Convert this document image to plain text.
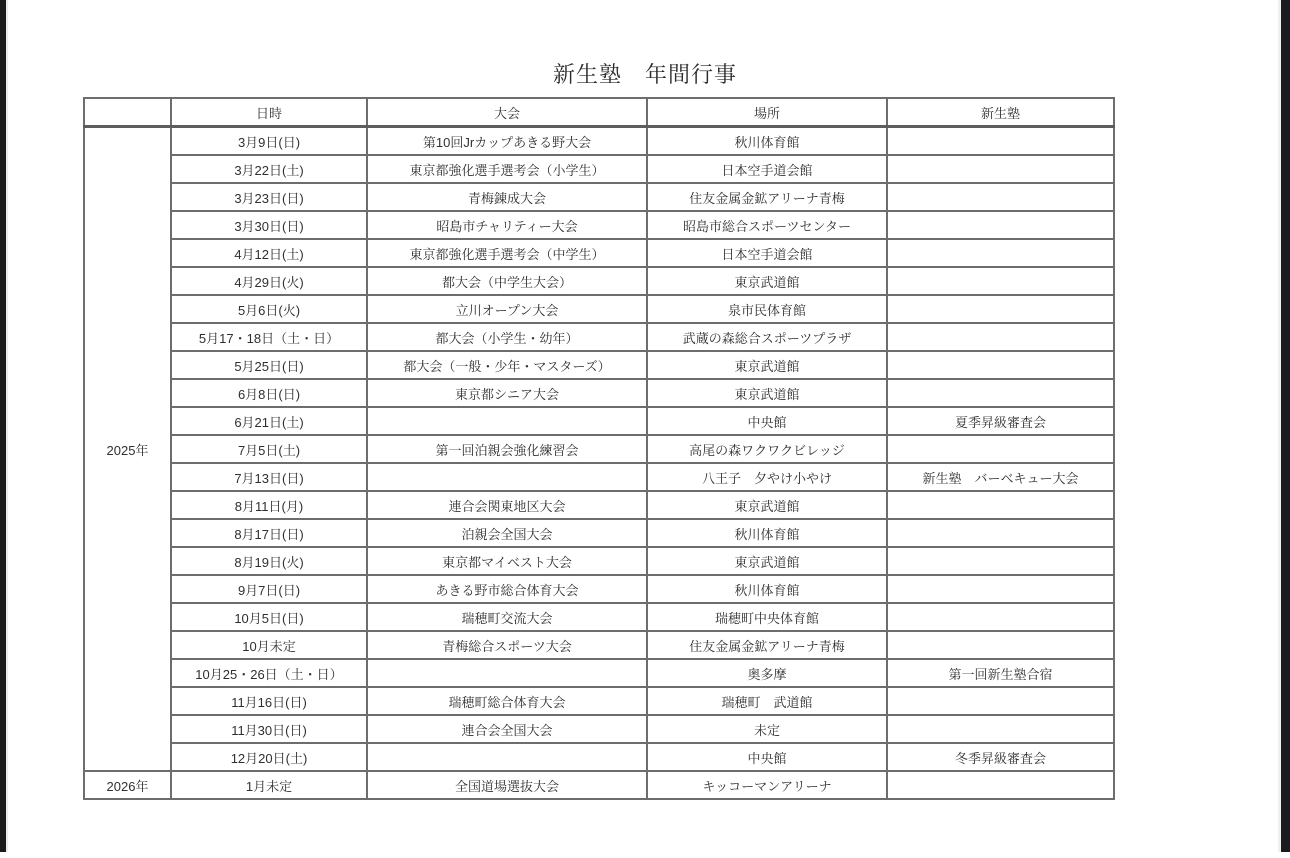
新生塾　年間行事
	日時	大会	場所	新生塾
2025年	3月9日(日)	第10回Jrカップあきる野大会	秋川体育館	
	3月22日(土)	東京都強化選手選考会（小学生）	日本空手道会館	
	3月23日(日)	青梅錬成大会	住友金属金鉱アリーナ青梅	
	3月30日(日)	昭島市チャリティー大会	昭島市総合スポーツセンター	
	4月12日(土)	東京都強化選手選考会（中学生）	日本空手道会館	
	4月29日(火)	都大会（中学生大会）	東京武道館	
	5月6日(火)	立川オープン大会	泉市民体育館	
	5月17・18日（土・日）	都大会（小学生・幼年）	武蔵の森総合スポーツプラザ	
	5月25日(日)	都大会（一般・少年・マスターズ）	東京武道館	
	6月8日(日)	東京都シニア大会	東京武道館	
	6月21日(土)		中央館	夏季昇級審査会
	7月5日(土)	第一回泊親会強化練習会	高尾の森ワクワクビレッジ	
	7月13日(日)		八王子　夕やけ小やけ	新生塾　バーベキュー大会
	8月11日(月)	連合会関東地区大会	東京武道館	
	8月17日(日)	泊親会全国大会	秋川体育館	
	8月19日(火)	東京都マイベスト大会	東京武道館	
	9月7日(日)	あきる野市総合体育大会	秋川体育館	
	10月5日(日)	瑞穂町交流大会	瑞穂町中央体育館	
	10月未定	青梅総合スポーツ大会	住友金属金鉱アリーナ青梅	
	10月25・26日（土・日）		奥多摩	第一回新生塾合宿
	11月16日(日)	瑞穂町総合体育大会	瑞穂町　武道館	
	11月30日(日)	連合会全国大会	未定	
	12月20日(土)		中央館	冬季昇級審査会
2026年	1月未定	全国道場選抜大会	キッコーマンアリーナ	
